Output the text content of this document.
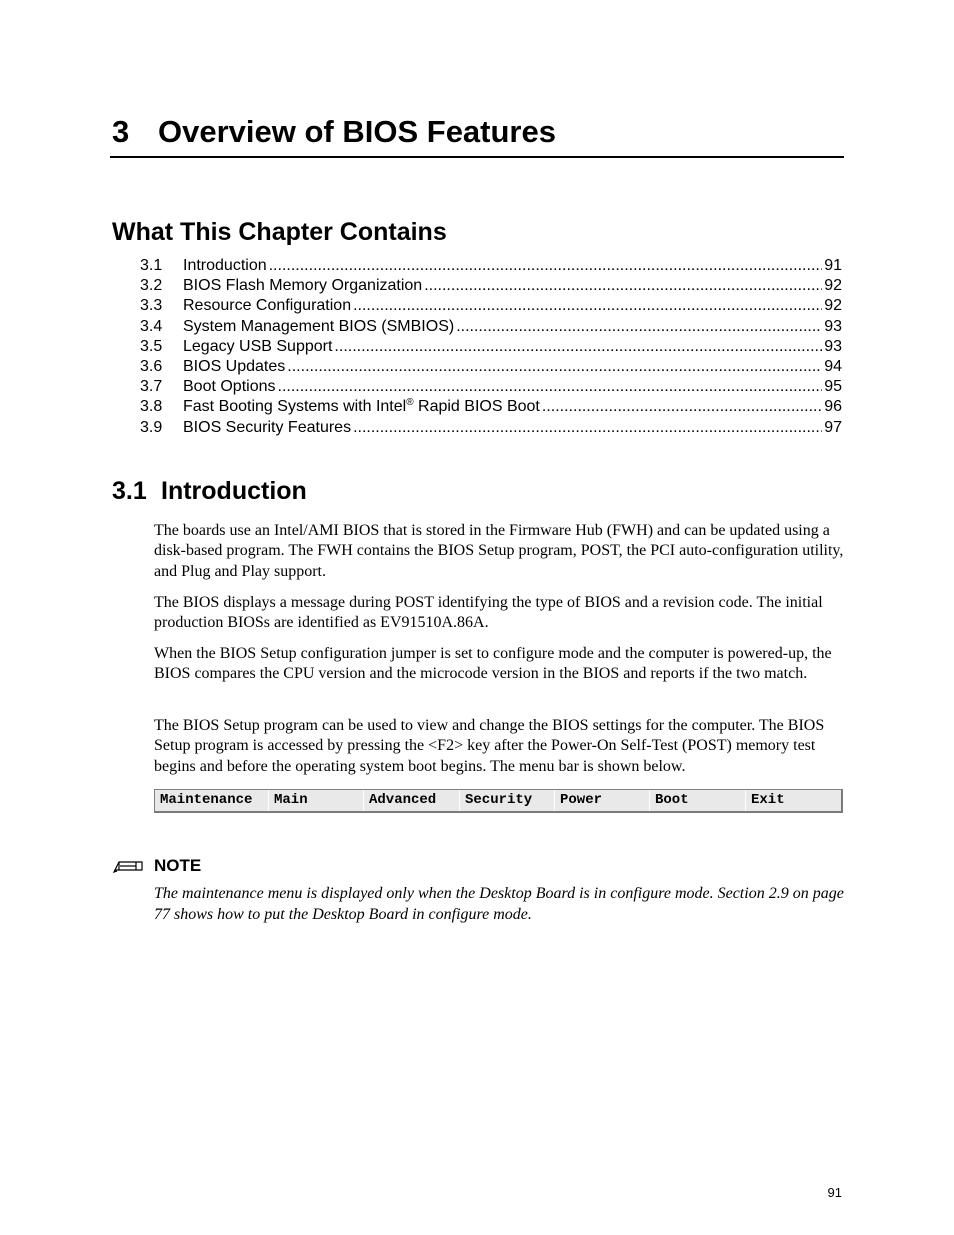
3 Overview of BIOS Features
What This Chapter Contains
3.1	Introduction .....	91
3.2	BIOS Flash Memory Organization .....	92
3.3	Resource Configuration .....	92
3.4	System Management BIOS (SMBIOS) .....	93
3.5	Legacy USB Support .....	93
3.6	BIOS Updates .....	94
3.7	Boot Options .....	95
3.8	Fast Booting Systems with Intel® Rapid BIOS Boot .....	96
3.9	BIOS Security Features .....	97
3.1 Introduction

The boards use an Intel/AMI BIOS that is stored in the Firmware Hub (FWH) and can be updated using a disk-based program. The FWH contains the BIOS Setup program, POST, the PCI auto-configuration utility, and Plug and Play support.

The BIOS displays a message during POST identifying the type of BIOS and a revision code. The initial production BIOSs are identified as EV91510A.86A.

When the BIOS Setup configuration jumper is set to configure mode and the computer is powered-up, the BIOS compares the CPU version and the microcode version in the BIOS and reports if the two match.

The BIOS Setup program can be used to view and change the BIOS settings for the computer. The BIOS Setup program is accessed by pressing the <F2> key after the Power-On Self-Test (POST) memory test begins and before the operating system boot begins. The menu bar is shown below.

Maintenance	Main	Advanced	Security	Power	Boot	Exit
NOTE

The maintenance menu is displayed only when the Desktop Board is in configure mode. Section 2.9 on page 77 shows how to put the Desktop Board in configure mode.

91
